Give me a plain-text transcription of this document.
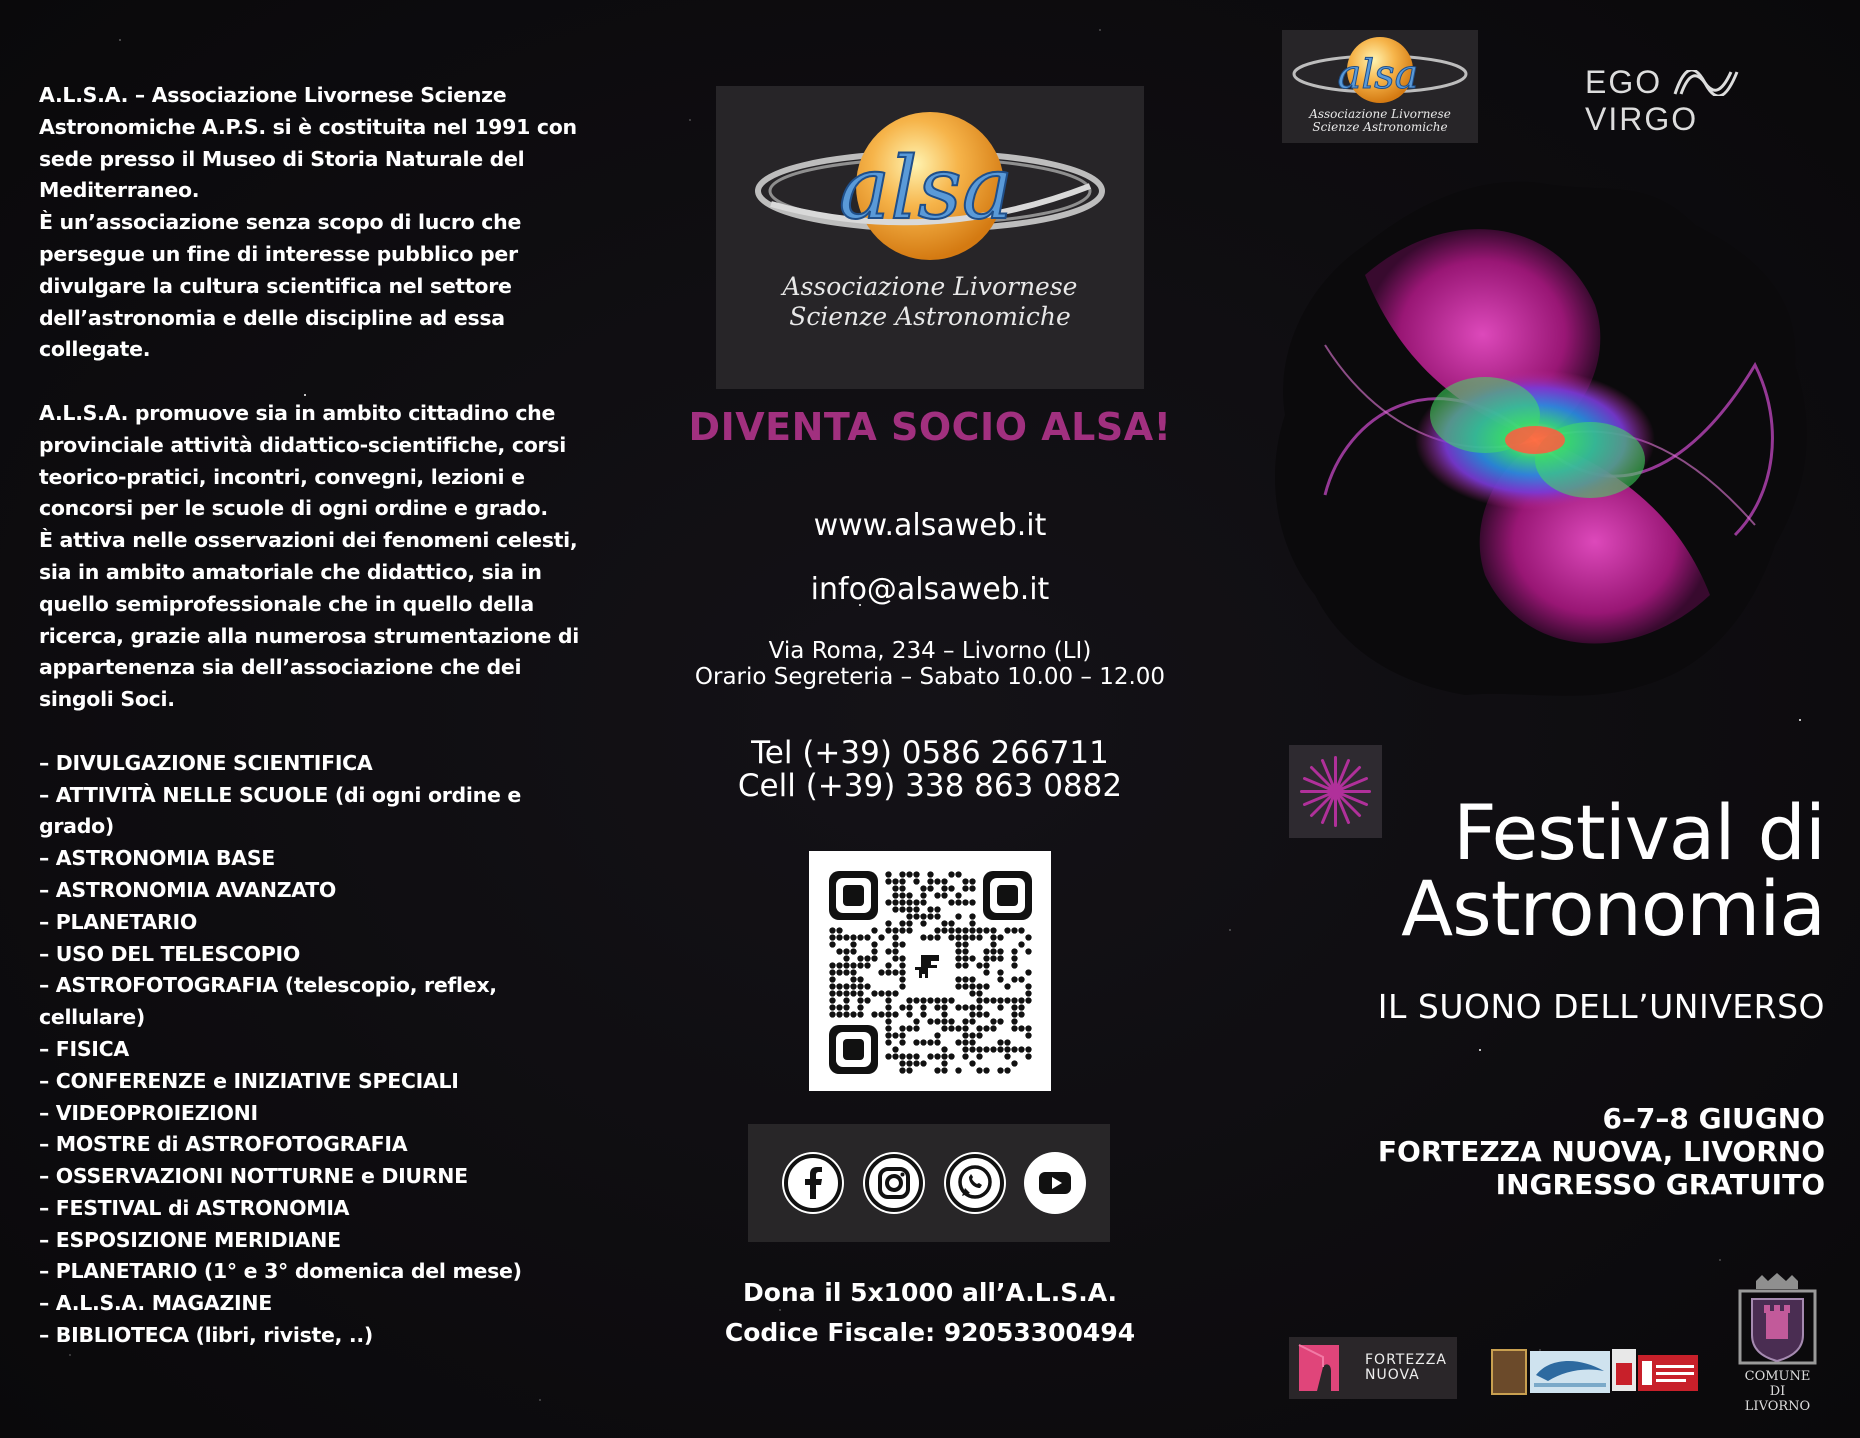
A.L.S.A. – Associazione Livornese Scienze Astronomiche A.P.S. si è costituita nel 1991 con sede presso il Museo di Storia Naturale del Mediterraneo.

È un’associazione senza scopo di lucro che persegue un fine di interesse pubblico per divulgare la cultura scientifica nel settore dell’astronomia e delle discipline ad essa collegate.

A.L.S.A. promuove sia in ambito cittadino che provinciale attività didattico-scientifiche, corsi teorico-pratici, incontri, convegni, lezioni e concorsi per le scuole di ogni ordine e grado.

È attiva nelle osservazioni dei fenomeni celesti, sia in ambito amatoriale che didattico, sia in quello semiprofessionale che in quello della ricerca, grazie alla numerosa strumentazione di appartenenza sia dell’associazione che dei singoli Soci.

– DIVULGAZIONE SCIENTIFICA

– ATTIVITÀ NELLE SCUOLE (di ogni ordine e grado)

– ASTRONOMIA BASE

– ASTRONOMIA AVANZATO

– PLANETARIO

– USO DEL TELESCOPIO

– ASTROFOTOGRAFIA (telescopio, reflex, cellulare)

– FISICA

– CONFERENZE e INIZIATIVE SPECIALI

– VIDEOPROIEZIONI

– MOSTRE di ASTROFOTOGRAFIA

– OSSERVAZIONI NOTTURNE e DIURNE

– FESTIVAL di ASTRONOMIA

– ESPOSIZIONE MERIDIANE

– PLANETARIO (1° e 3° domenica del mese)

– A.L.S.A. MAGAZINE

– BIBLIOTECA (libri, riviste, ..)

alsa
Associazione Livornese
Scienze Astronomiche
DIVENTA SOCIO ALSA!
www.alsaweb.it
info@alsaweb.it
Via Roma, 234 – Livorno (LI)
Orario Segreteria – Sabato 10.00 – 12.00
Tel (+39) 0586 266711
Cell (+39) 338 863 0882
Dona il 5x1000 all’A.L.S.A.
Codice Fiscale: 92053300494
alsa
Associazione Livornese
Scienze Astronomiche
EGO  VIRGO
Festival di
Astronomia
IL SUONO DELL’UNIVERSO
6–7–8 GIUGNO
FORTEZZA NUOVA, LIVORNO
INGRESSO GRATUITO
FORTEZZA
NUOVA	COMUNE
DI LIVORNO
